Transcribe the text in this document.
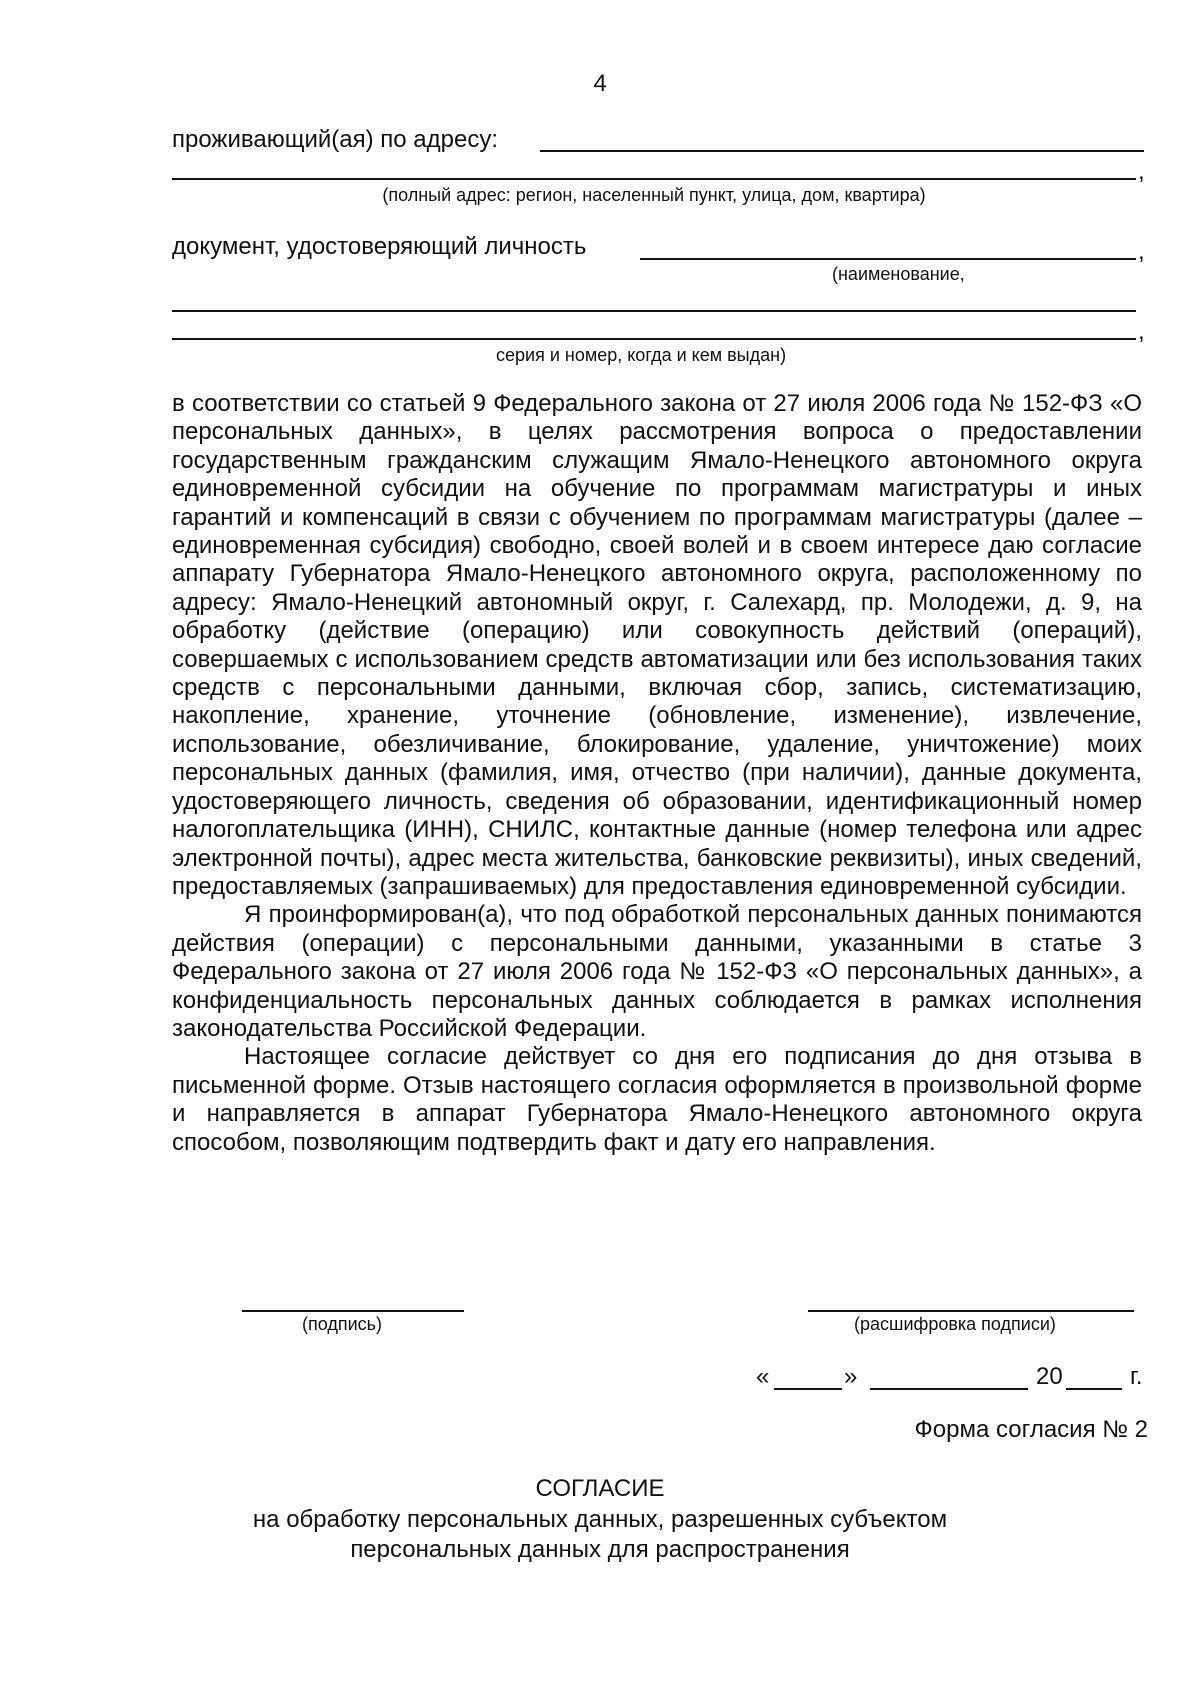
4
проживающий(ая) по адресу:
,
(полный адрес: регион, населенный пункт, улица, дом, квартира)
документ, удостоверяющий личность	,
(наименование,
,
серия и номер, когда и кем выдан)

в соответствии со статьей 9 Федерального закона от 27 июля 2006 года № 152-ФЗ «О персональных данных», в целях рассмотрения вопроса о предоставлении государственным гражданским служащим Ямало-Ненецкого автономного округа единовременной субсидии на обучение по программам магистратуры и иных гарантий и компенсаций в связи с обучением по программам магистратуры (далее – единовременная субсидия) свободно, своей волей и в своем интересе даю согласие аппарату Губернатора Ямало-Ненецкого автономного округа, расположенному по адресу: Ямало-Ненецкий автономный округ, г. Салехард, пр. Молодежи, д. 9, на обработку (действие (операцию) или совокупность действий (операций), совершаемых с использованием средств автоматизации или без использования таких средств с персональными данными, включая сбор, запись, систематизацию, накопление, хранение, уточнение (обновление, изменение), извлечение, использование, обезличивание, блокирование, удаление, уничтожение) моих персональных данных (фамилия, имя, отчество (при наличии), данные документа, удостоверяющего личность, сведения об образовании, идентификационный номер налогоплательщика (ИНН), СНИЛС, контактные данные (номер телефона или адрес электронной почты), адрес места жительства, банковские реквизиты), иных сведений, предоставляемых (запрашиваемых) для предоставления единовременной субсидии.

Я проинформирован(а), что под обработкой персональных данных понимаются действия (операции) с персональными данными, указанными в статье 3 Федерального закона от 27 июля 2006 года № 152-ФЗ «О персональных данных», а конфиденциальность персональных данных соблюдается в рамках исполнения законодательства Российской Федерации.

Настоящее согласие действует со дня его подписания до дня отзыва в письменной форме. Отзыв настоящего согласия оформляется в произвольной форме и направляется в аппарат Губернатора Ямало-Ненецкого автономного округа способом, позволяющим подтвердить факт и дату его направления.

(подпись)	(расшифровка подписи)
«	»	20	г.
Форма согласия № 2
СОГЛАСИЕ
на обработку персональных данных, разрешенных субъектом
персональных данных для распространения
